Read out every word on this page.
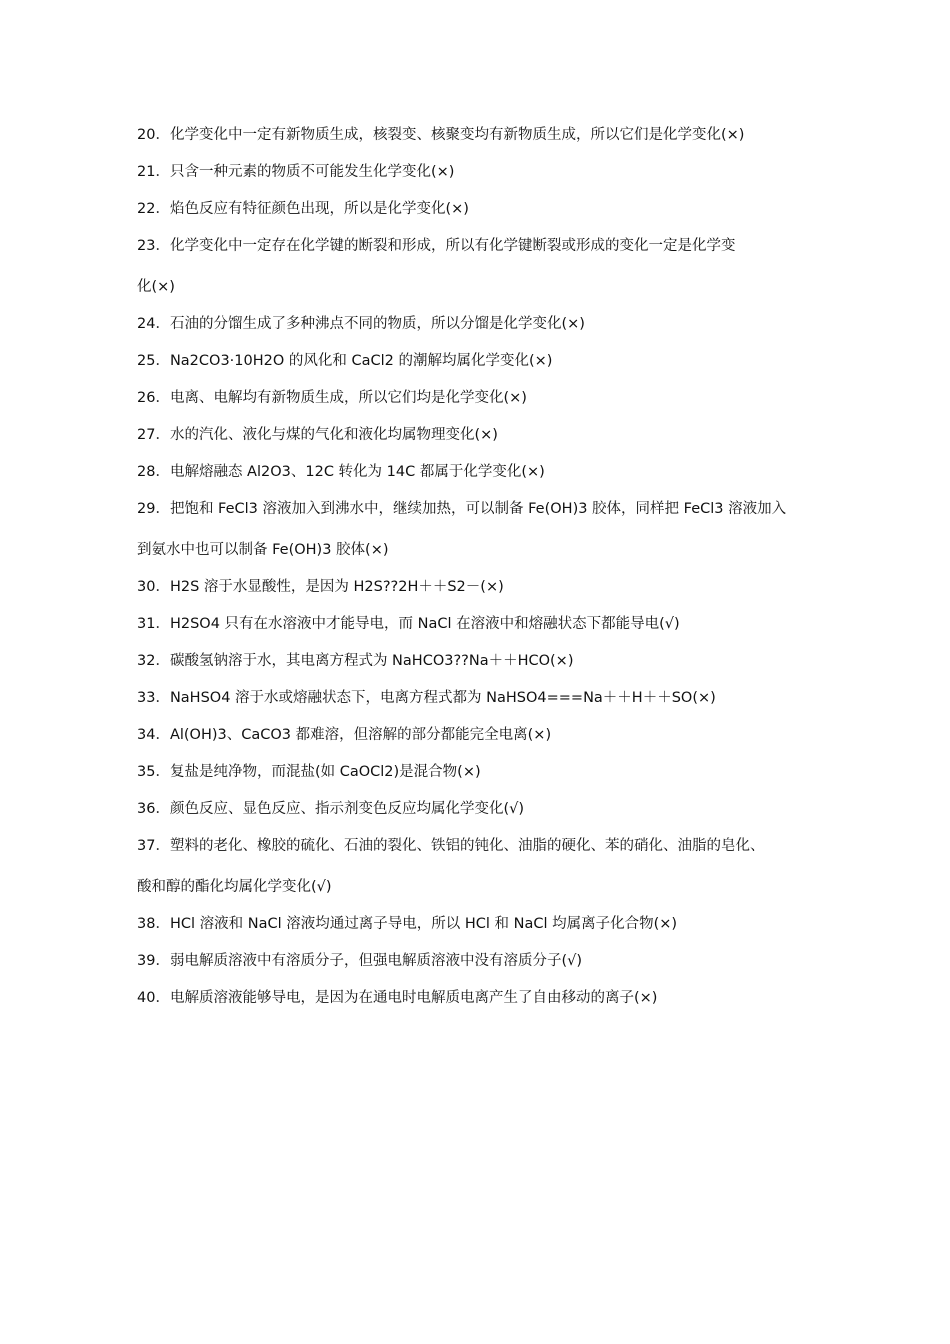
20．化学变化中一定有新物质生成，核裂变、核聚变均有新物质生成，所以它们是化学变化(×)
21．只含一种元素的物质不可能发生化学变化(×)
22．焰色反应有特征颜色出现，所以是化学变化(×)
23．化学变化中一定存在化学键的断裂和形成，所以有化学键断裂或形成的变化一定是化学变
化(×)
24．石油的分馏生成了多种沸点不同的物质，所以分馏是化学变化(×)
25．Na2CO3·10H2O 的风化和 CaCl2 的潮解均属化学变化(×)
26．电离、电解均有新物质生成，所以它们均是化学变化(×)
27．水的汽化、液化与煤的气化和液化均属物理变化(×)
28．电解熔融态 Al2O3、12C 转化为 14C 都属于化学变化(×)
29．把饱和 FeCl3 溶液加入到沸水中，继续加热，可以制备 Fe(OH)3 胶体，同样把 FeCl3 溶液加入
到氨水中也可以制备 Fe(OH)3 胶体(×)
30．H2S 溶于水显酸性，是因为 H2S??2H＋＋S2－(×)
31．H2SO4 只有在水溶液中才能导电，而 NaCl 在溶液中和熔融状态下都能导电(√)
32．碳酸氢钠溶于水，其电离方程式为 NaHCO3??Na＋＋HCO(×)
33．NaHSO4 溶于水或熔融状态下，电离方程式都为 NaHSO4===Na＋＋H＋＋SO(×)
34．Al(OH)3、CaCO3 都难溶，但溶解的部分都能完全电离(×)
35．复盐是纯净物，而混盐(如 CaOCl2)是混合物(×)
36．颜色反应、显色反应、指示剂变色反应均属化学变化(√)
37．塑料的老化、橡胶的硫化、石油的裂化、铁铝的钝化、油脂的硬化、苯的硝化、油脂的皂化、
酸和醇的酯化均属化学变化(√)
38．HCl 溶液和 NaCl 溶液均通过离子导电，所以 HCl 和 NaCl 均属离子化合物(×)
39．弱电解质溶液中有溶质分子，但强电解质溶液中没有溶质分子(√)
40．电解质溶液能够导电，是因为在通电时电解质电离产生了自由移动的离子(×)
